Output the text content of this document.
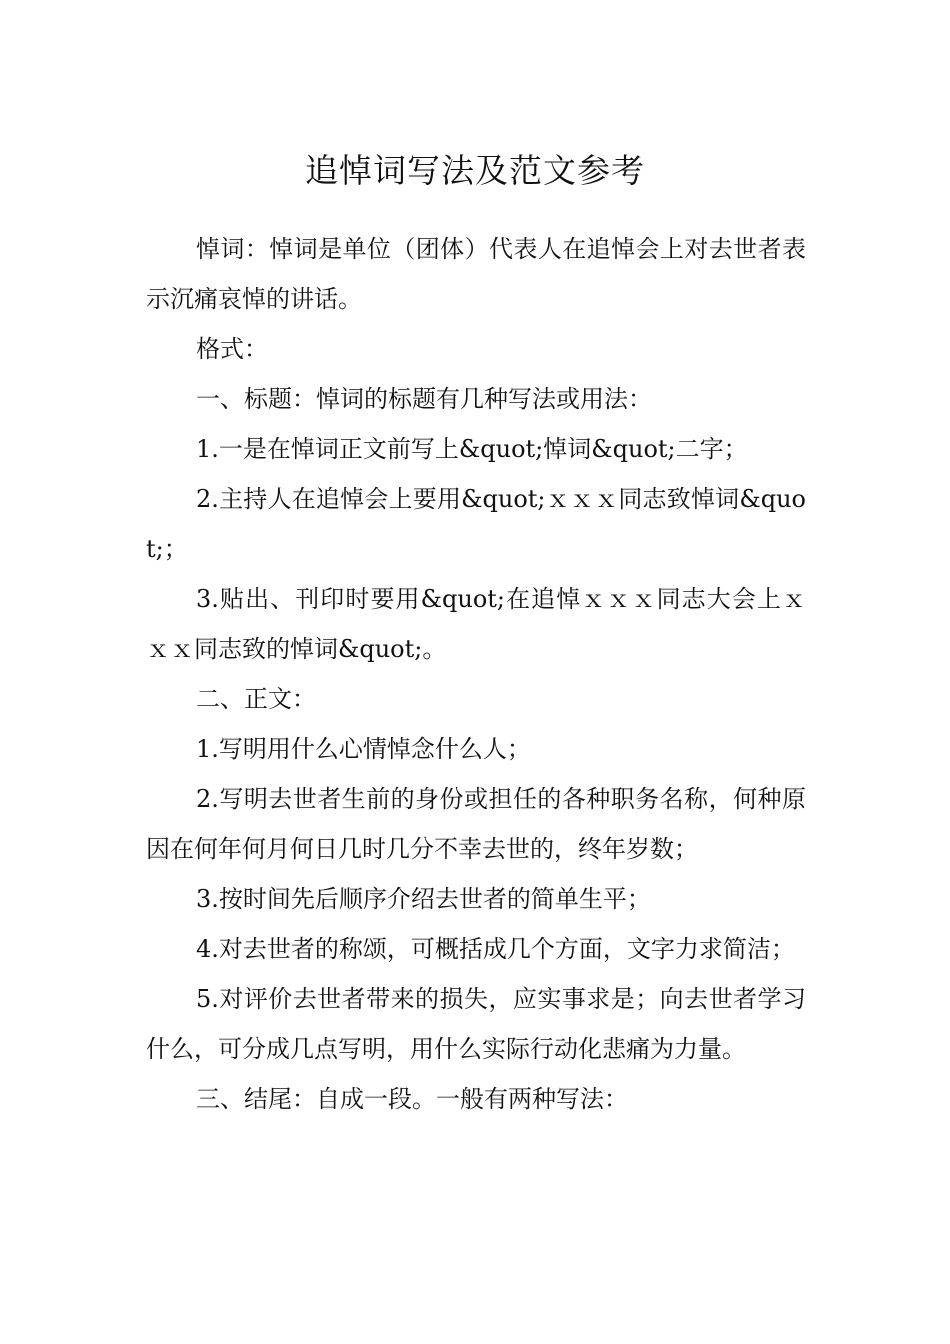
追悼词写法及范文参考

悼词：悼词是单位（团体）代表人在追悼会上对去世者表示沉痛哀悼的讲话。

格式：

一、标题：悼词的标题有几种写法或用法：

1.一是在悼词正文前写上&quot;悼词&quot;二字；

2.主持人在追悼会上要用&quot;ｘｘｘ同志致悼词&quot;；

3.贴出、刊印时要用&quot;在追悼ｘｘｘ同志大会上ｘｘｘ同志致的悼词&quot;。

二、正文：

1.写明用什么心情悼念什么人；

2.写明去世者生前的身份或担任的各种职务名称，何种原因在何年何月何日几时几分不幸去世的，终年岁数；

3.按时间先后顺序介绍去世者的简单生平；

4.对去世者的称颂，可概括成几个方面，文字力求简洁；

5.对评价去世者带来的损失，应实事求是；向去世者学习什么，可分成几点写明，用什么实际行动化悲痛为力量。

三、结尾：自成一段。一般有两种写法：
